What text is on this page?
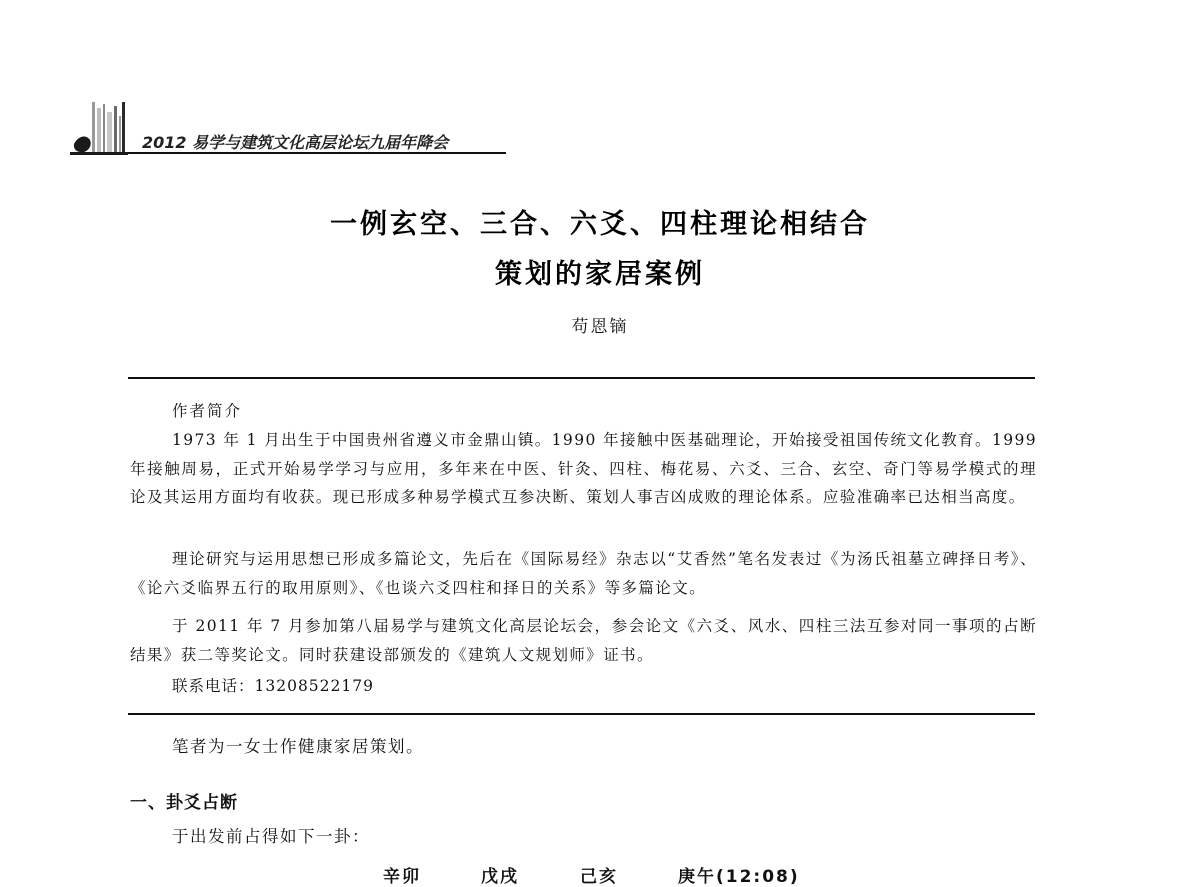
2012 易学与建筑文化高层论坛九届年降会
一例玄空、三合、六爻、四柱理论相结合
策划的家居案例
苟恩镝
作者简介
1973 年 1 月出生于中国贵州省遵义市金鼎山镇。1990 年接触中医基础理论，开始接受祖国传统文化教育。1999 年接触周易，正式开始易学学习与应用，多年来在中医、针灸、四柱、梅花易、六爻、三合、玄空、奇门等易学模式的理论及其运用方面均有收获。现已形成多种易学模式互参决断、策划人事吉凶成败的理论体系。应验准确率已达相当高度。
理论研究与运用思想已形成多篇论文，先后在《国际易经》杂志以“艾香然”笔名发表过《为汤氏祖墓立碑择日考》、《论六爻临界五行的取用原则》、《也谈六爻四柱和择日的关系》等多篇论文。
于 2011 年 7 月参加第八届易学与建筑文化高层论坛会，参会论文《六爻、风水、四柱三法互参对同一事项的占断结果》获二等奖论文。同时获建设部颁发的《建筑人文规划师》证书。
联系电话：13208522179
笔者为一女士作健康家居策划。
一、卦爻占断
于出发前占得如下一卦：
辛卯	戊戌	己亥	庚午(12:08)
